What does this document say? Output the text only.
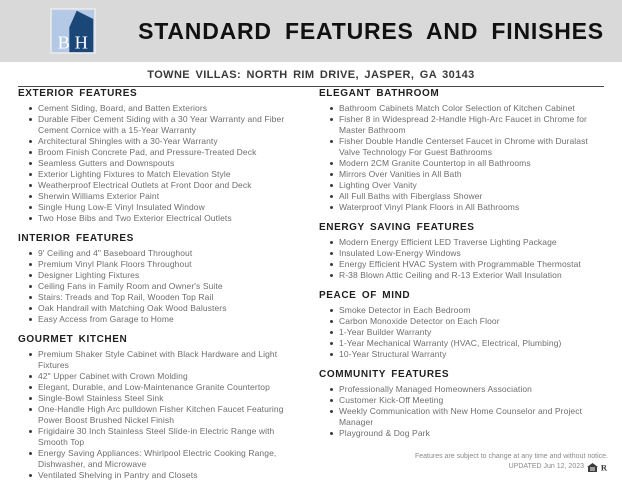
B H	STANDARD FEATURES AND FINISHES
TOWNE VILLAS: NORTH RIM DRIVE, JASPER, GA 30143
EXTERIOR FEATURES
Cement Siding, Board, and Batten Exteriors
Durable Fiber Cement Siding with a 30 Year Warranty and Fiber Cement Cornice with a 15-Year Warranty
Architectural Shingles with a 30-Year Warranty
Broom Finish Concrete Pad, and Pressure-Treated Deck
Seamless Gutters and Downspouts
Exterior Lighting Fixtures to Match Elevation Style
Weatherproof Electrical Outlets at Front Door and Deck
Sherwin Williams Exterior Paint
Single Hung Low-E Vinyl Insulated Window
Two Hose Bibs and Two Exterior Electrical Outlets
INTERIOR FEATURES
9' Ceiling and 4" Baseboard Throughout
Premium Vinyl Plank Floors Throughout
Designer Lighting Fixtures
Ceiling Fans in Family Room and Owner's Suite
Stairs: Treads and Top Rail, Wooden Top Rail
Oak Handrail with Matching Oak Wood Balusters
Easy Access from Garage to Home
GOURMET KITCHEN
Premium Shaker Style Cabinet with Black Hardware and Light Fixtures
42" Upper Cabinet with Crown Molding
Elegant, Durable, and Low-Maintenance Granite Countertop
Single-Bowl Stainless Steel Sink
One-Handle High Arc pulldown Fisher Kitchen Faucet Featuring Power Boost Brushed Nickel Finish
Frigidaire 30 Inch Stainless Steel Slide-in Electric Range with Smooth Top
Energy Saving Appliances: Whirlpool Electric Cooking Range, Dishwasher, and Microwave
Ventilated Shelving in Pantry and Closets
ELEGANT BATHROOM
Bathroom Cabinets Match Color Selection of Kitchen Cabinet
Fisher 8 in Widespread 2-Handle High-Arc Faucet in Chrome for Master Bathroom
Fisher Double Handle Centerset Faucet in Chrome with Duralast Valve Technology For Guest Bathrooms
Modern 2CM Granite Countertop in all Bathrooms
Mirrors Over Vanities in All Bath
Lighting Over Vanity
All Full Baths with Fiberglass Shower
Waterproof Vinyl Plank Floors in All Bathrooms
ENERGY SAVING FEATURES
Modern Energy Efficient LED Traverse Lighting Package
Insulated Low-Energy Windows
Energy Efficient HVAC System with Programmable Thermostat
R-38 Blown Attic Ceiling and R-13 Exterior Wall Insulation
PEACE OF MIND
Smoke Detector in Each Bedroom
Carbon Monoxide Detector on Each Floor
1-Year Builder Warranty
1-Year Mechanical Warranty (HVAC, Electrical, Plumbing)
10-Year Structural Warranty
COMMUNITY FEATURES
Professionally Managed Homeowners Association
Customer Kick-Off Meeting
Weekly Communication with New Home Counselor and Project Manager
Playground & Dog Park
Features are subject to change at any time and without notice.
UPDATED Jun 12, 2023 R
